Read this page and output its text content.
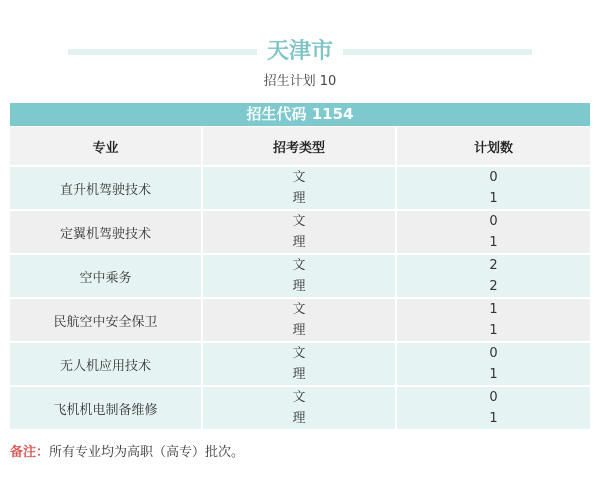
天津市
招生计划 10
招生代码 1154
专业	招考类型	计划数
直升机驾驶技术
文
理
0
1
定翼机驾驶技术
文
理
0
1
空中乘务
文
理
2
2
民航空中安全保卫
文
理
1
1
无人机应用技术
文
理
0
1
飞机机电制备维修
文
理
0
1
备注：所有专业均为高职（高专）批次。
